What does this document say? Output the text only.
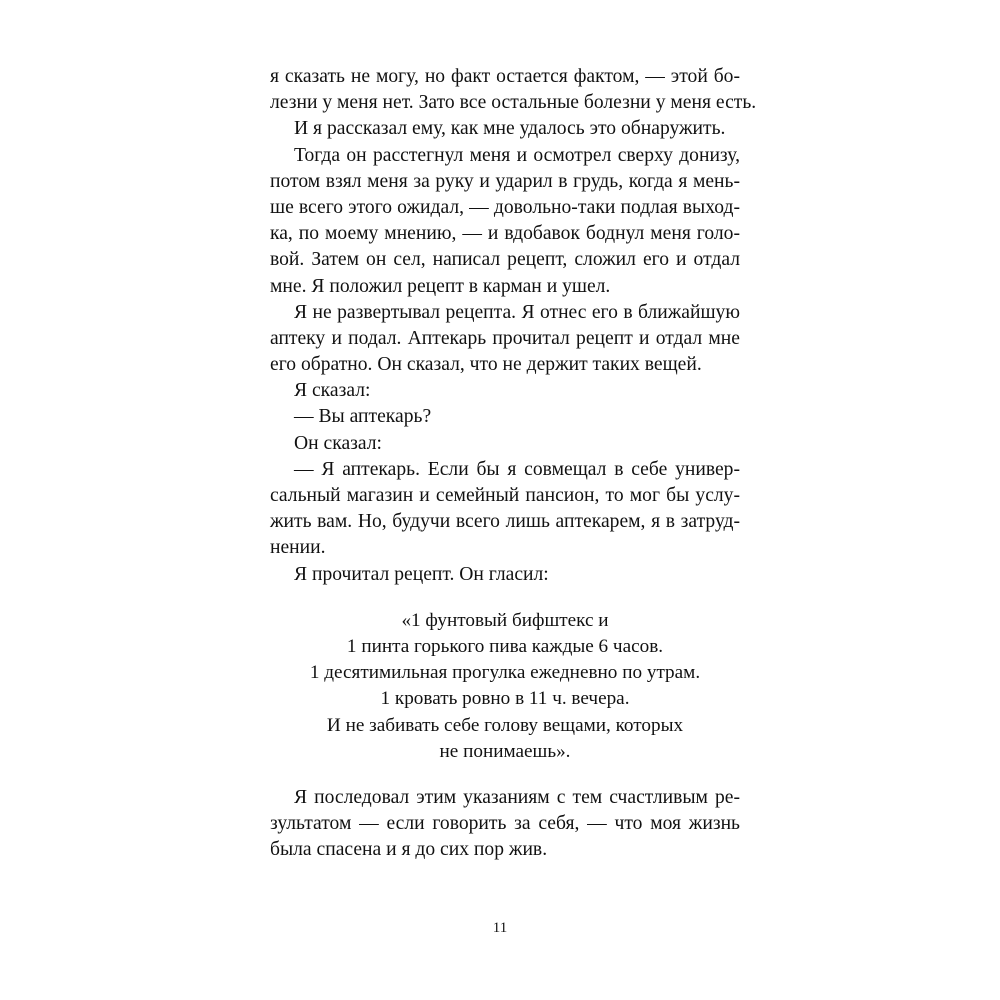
я сказать не могу, но факт остается фактом, — этой бо-
лезни у меня нет. Зато все остальные болезни у меня есть.
И я рассказал ему, как мне удалось это обнаружить.
Тогда он расстегнул меня и осмотрел сверху донизу,
потом взял меня за руку и ударил в грудь, когда я мень-
ше всего этого ожидал, — довольно-таки подлая выход-
ка, по моему мнению, — и вдобавок боднул меня голо-
вой. Затем он сел, написал рецепт, сложил его и отдал
мне. Я положил рецепт в карман и ушел.
Я не развертывал рецепта. Я отнес его в ближайшую
аптеку и подал. Аптекарь прочитал рецепт и отдал мне
его обратно. Он сказал, что не держит таких вещей.
Я сказал:
— Вы аптекарь?
Он сказал:
— Я аптекарь. Если бы я совмещал в себе универ-
сальный магазин и семейный пансион, то мог бы услу-
жить вам. Но, будучи всего лишь аптекарем, я в затруд-
нении.
Я прочитал рецепт. Он гласил:
«1 фунтовый бифштекс и
1 пинта горького пива каждые 6 часов.
1 десятимильная прогулка ежедневно по утрам.
1 кровать ровно в 11 ч. вечера.
И не забивать себе голову вещами, которых
не понимаешь».
Я последовал этим указаниям с тем счастливым ре-
зультатом — если говорить за себя, — что моя жизнь
была спасена и я до сих пор жив.
11
